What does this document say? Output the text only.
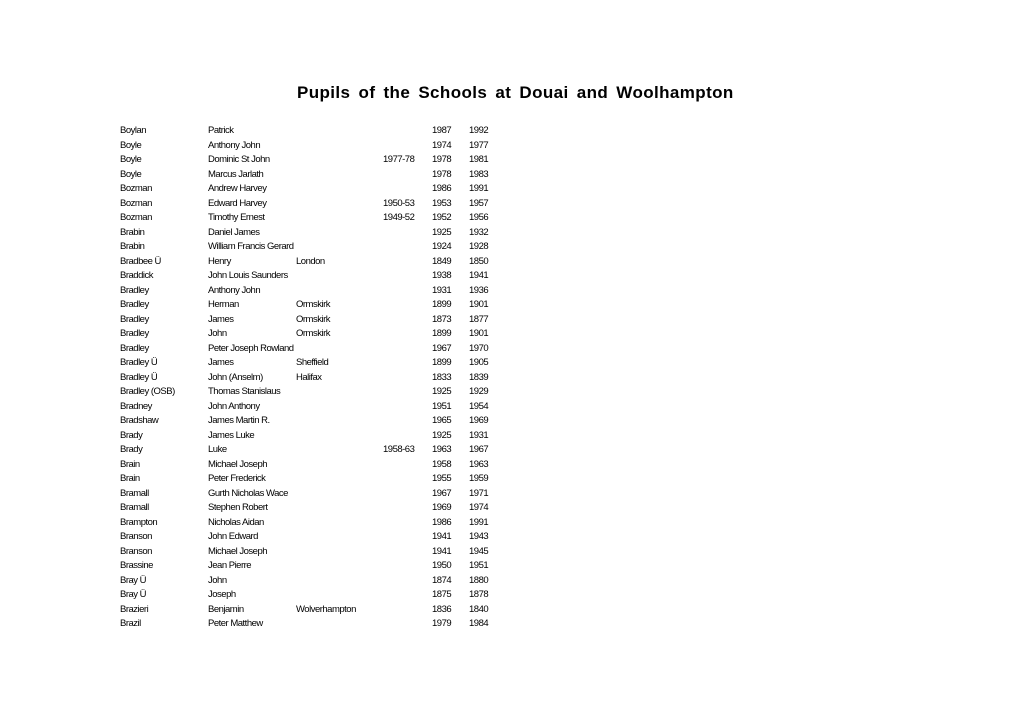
Pupils of the Schools at Douai and Woolhampton
Boylan	Patrick	1987 1992
Boyle	Anthony John	1974 1977
Boyle	Dominic St John	1977-78 1978 1981
Boyle	Marcus Jarlath	1978 1983
Bozman	Andrew Harvey	1986 1991
Bozman	Edward Harvey	1950-53 1953 1957
Bozman	Timothy Ernest	1949-52 1952 1956
Brabin	Daniel James	1925 1932
Brabin	William Francis Gerard	1924 1928
Bradbee Ü	Henry	London	1849 1850
Braddick	John Louis Saunders	1938 1941
Bradley	Anthony John	1931 1936
Bradley	Herman	Ormskirk	1899 1901
Bradley	James	Ormskirk	1873 1877
Bradley	John	Ormskirk	1899 1901
Bradley	Peter Joseph Rowland	1967 1970
Bradley Ü	James	Sheffield	1899 1905
Bradley Ü	John (Anselm)	Halifax	1833 1839
Bradley (OSB)	Thomas Stanislaus	1925 1929
Bradney	John Anthony	1951 1954
Bradshaw	James Martin R.	1965 1969
Brady	James Luke	1925 1931
Brady	Luke	1958-63 1963 1967
Brain	Michael Joseph	1958 1963
Brain	Peter Frederick	1955 1959
Bramall	Gurth Nicholas Wace	1967 1971
Bramall	Stephen Robert	1969 1974
Brampton	Nicholas Aidan	1986 1991
Branson	John Edward	1941 1943
Branson	Michael Joseph	1941 1945
Brassine	Jean Pierre	1950 1951
Bray Ü	John	1874 1880
Bray Ü	Joseph	1875 1878
Brazieri	Benjamin	Wolverhampton	1836 1840
Brazil	Peter Matthew	1979 1984
